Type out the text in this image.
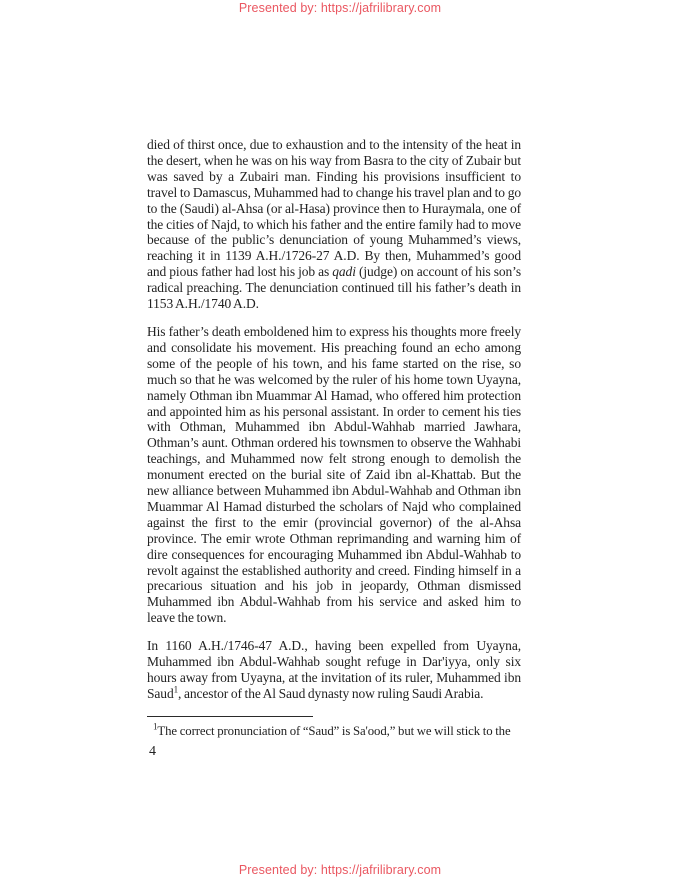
Presented by: https://jafrilibrary.com

died of thirst once, due to exhaustion and to the intensity of the heat in the desert, when he was on his way from Basra to the city of Zubair but was saved by a Zubairi man. Finding his provisions insufficient to travel to Damascus, Muhammed had to change his travel plan and to go to the (Saudi) al-Ahsa (or al-Hasa) province then to Huraymala, one of the cities of Najd, to which his father and the entire family had to move because of the public’s denunciation of young Muhammed’s views, reaching it in 1139 A.H./1726-27 A.D. By then, Muhammed’s good and pious father had lost his job as qadi (judge) on account of his son’s radical preaching. The denunciation continued till his father’s death in 1153 A.H./1740 A.D.

His father’s death emboldened him to express his thoughts more freely and consolidate his movement. His preaching found an echo among some of the people of his town, and his fame started on the rise, so much so that he was welcomed by the ruler of his home town Uyayna, namely Othman ibn Muammar Al Hamad, who offered him protection and appointed him as his personal assistant. In order to cement his ties with Othman, Muhammed ibn Abdul-Wahhab married Jawhara, Othman’s aunt. Othman ordered his townsmen to observe the Wahhabi teachings, and Muhammed now felt strong enough to demolish the monument erected on the burial site of Zaid ibn al-Khattab. But the new alliance between Muhammed ibn Abdul-Wahhab and Othman ibn Muammar Al Hamad disturbed the scholars of Najd who complained against the first to the emir (provincial governor) of the al-Ahsa province. The emir wrote Othman reprimanding and warning him of dire consequences for encouraging Muhammed ibn Abdul-Wahhab to revolt against the established authority and creed. Finding himself in a precarious situation and his job in jeopardy, Othman dismissed Muhammed ibn Abdul-Wahhab from his service and asked him to leave the town.

In 1160 A.H./1746-47 A.D., having been expelled from Uyayna, Muhammed ibn Abdul-Wahhab sought refuge in Dar'iyya, only six hours away from Uyayna, at the invitation of its ruler, Muhammed ibn Saud$^1$, ancestor of the Al Saud dynasty now ruling Saudi Arabia.

$^1$The correct pronunciation of “Saud” is Sa'ood,” but we will stick to the

4
Presented by: https://jafrilibrary.com
